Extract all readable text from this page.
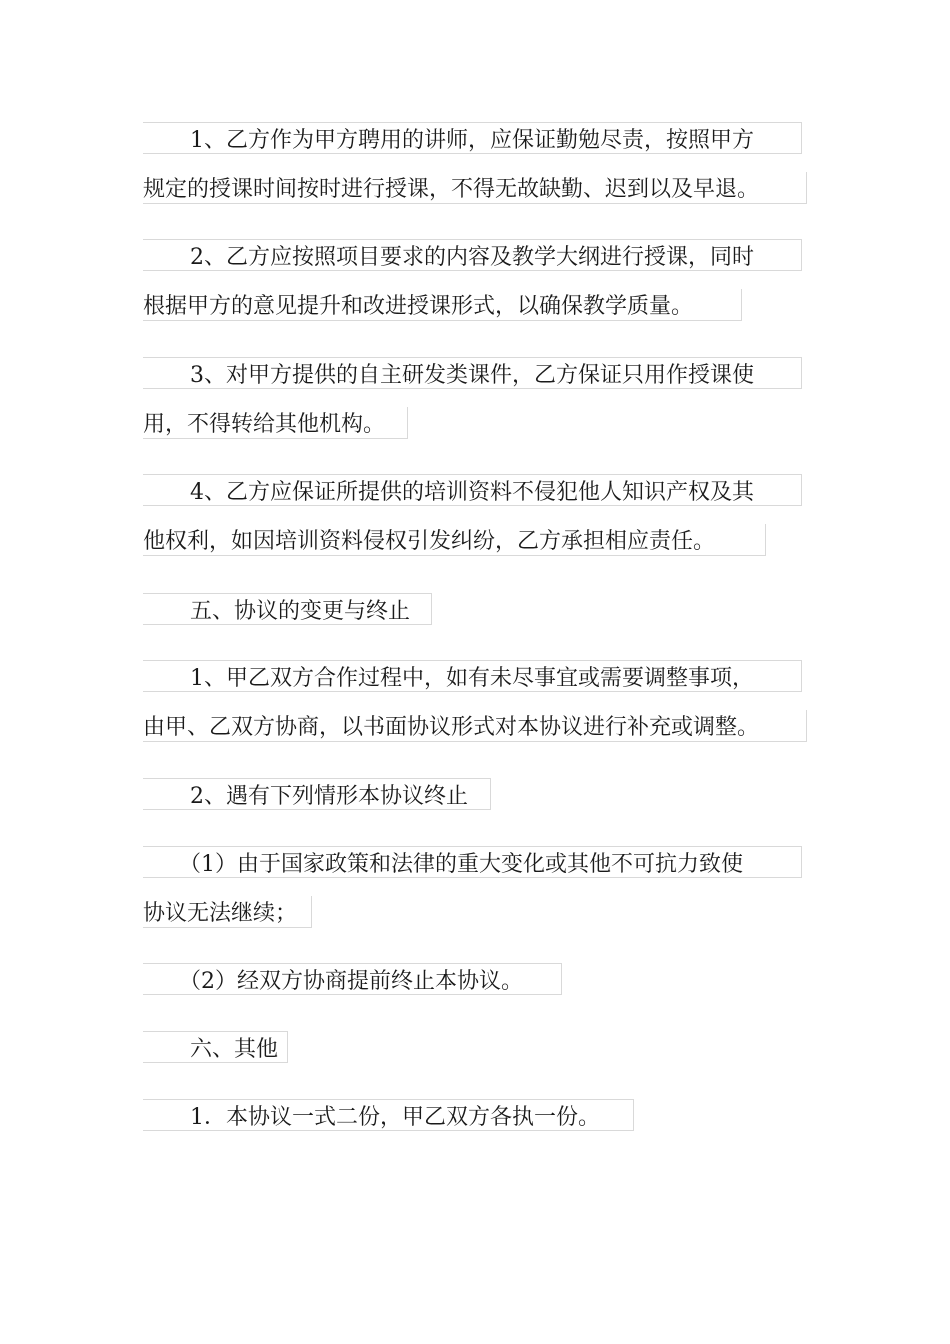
1、乙方作为甲方聘用的讲师，应保证勤勉尽责，按照甲方
规定的授课时间按时进行授课，不得无故缺勤、迟到以及早退。
2、乙方应按照项目要求的内容及教学大纲进行授课，同时
根据甲方的意见提升和改进授课形式，以确保教学质量。
3、对甲方提供的自主研发类课件，乙方保证只用作授课使
用，不得转给其他机构。
4、乙方应保证所提供的培训资料不侵犯他人知识产权及其
他权利，如因培训资料侵权引发纠纷，乙方承担相应责任。
五、协议的变更与终止
1、甲乙双方合作过程中，如有未尽事宜或需要调整事项，
由甲、乙双方协商，以书面协议形式对本协议进行补充或调整。
2、遇有下列情形本协议终止
（1）由于国家政策和法律的重大变化或其他不可抗力致使
协议无法继续；
（2）经双方协商提前终止本协议。
六、其他
1．本协议一式二份，甲乙双方各执一份。
